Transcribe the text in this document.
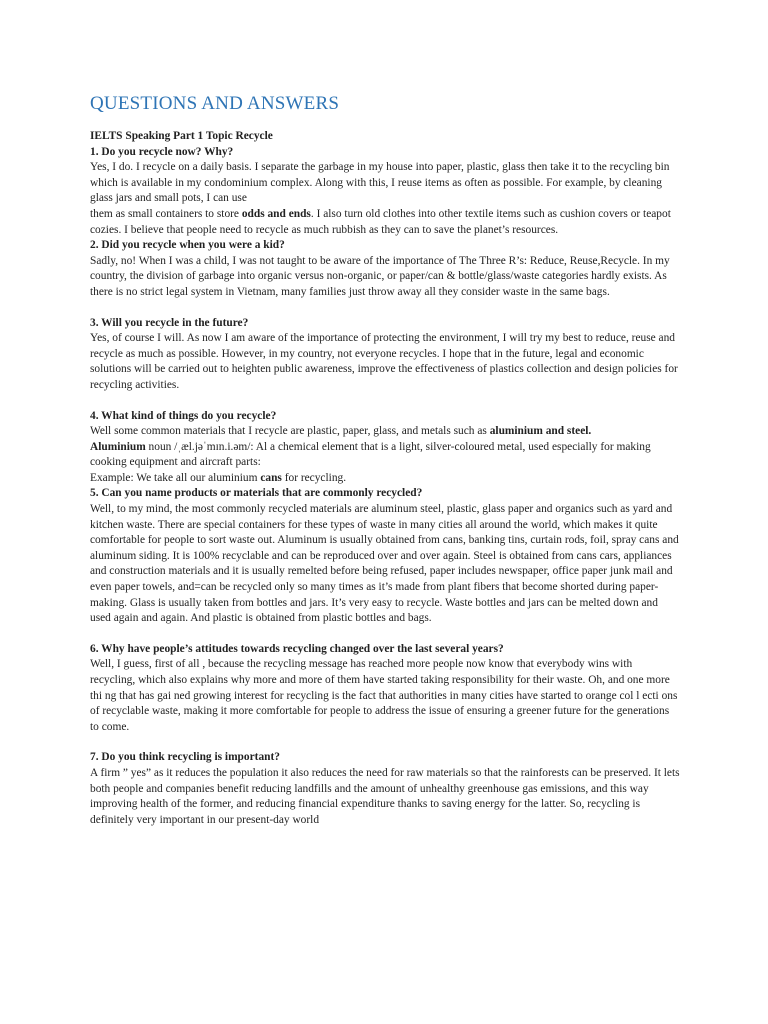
QUESTIONS AND ANSWERS

IELTS Speaking Part 1 Topic Recycle

1. Do you recycle now? Why?

Yes, I do. I recycle on a daily basis. I separate the garbage in my house into paper, plastic, glass then take it to the recycling bin which is available in my condominium complex. Along with this, I reuse items as often as possible. For example, by cleaning glass jars and small pots, I can use

them as small containers to store odds and ends. I also turn old clothes into other textile items such as cushion covers or teapot cozies. I believe that people need to recycle as much rubbish as they can to save the planet’s resources.

2. Did you recycle when you were a kid?

Sadly, no! When I was a child, I was not taught to be aware of the importance of The Three R’s: Reduce, Reuse,Recycle. In my country, the division of garbage into organic versus non-organic, or paper/can & bottle/glass/waste categories hardly exists. As there is no strict legal system in Vietnam, many families just throw away all they consider waste in the same bags.

3. Will you recycle in the future?

Yes, of course I will. As now I am aware of the importance of protecting the environment, I will try my best to reduce, reuse and recycle as much as possible. However, in my country, not everyone recycles. I hope that in the future, legal and economic solutions will be carried out to heighten public awareness, improve the effectiveness of plastics collection and design policies for recycling activities.

4. What kind of things do you recycle?

Well some common materials that I recycle are plastic, paper, glass, and metals such as aluminium and steel.

Aluminium noun /ˌæl.jəˈmɪn.i.əm/: Al a chemical element that is a light, silver-coloured metal, used especially for making cooking equipment and aircraft parts:

Example: We take all our aluminium cans for recycling.

5. Can you name products or materials that are commonly recycled?

Well, to my mind, the most commonly recycled materials are aluminum steel, plastic, glass paper and organics such as yard and kitchen waste. There are special containers for these types of waste in many cities all around the world, which makes it quite comfortable for people to sort waste out. Aluminum is usually obtained from cans, banking tins, curtain rods, foil, spray cans and aluminum siding. It is 100% recyclable and can be reproduced over and over again. Steel is obtained from cans cars, appliances and construction materials and it is usually remelted before being refused, paper includes newspaper, office paper junk mail and even paper towels, and=can be recycled only so many times as it’s made from plant fibers that become shorted during paper- making. Glass is usually taken from bottles and jars. It’s very easy to recycle. Waste bottles and jars can be melted down and used again and again. And plastic is obtained from plastic bottles and bags.

6. Why have people’s attitudes towards recycling changed over the last several years?

Well, I guess, first of all , because the recycling message has reached more people now know that everybody wins with recycling, which also explains why more and more of them have started taking responsibility for their waste. Oh, and one more thi ng that has gai ned growing interest for recycling is the fact that authorities in many cities have started to orange col l ecti ons of recyclable waste, making it more comfortable for people to address the issue of ensuring a greener future for the generations to come.

7. Do you think recycling is important?

A firm ” yes” as it reduces the population it also reduces the need for raw materials so that the rainforests can be preserved. It lets both people and companies benefit reducing landfills and the amount of unhealthy greenhouse gas emissions, and this way improving health of the former, and reducing financial expenditure thanks to saving energy for the latter. So, recycling is definitely very important in our present-day world
